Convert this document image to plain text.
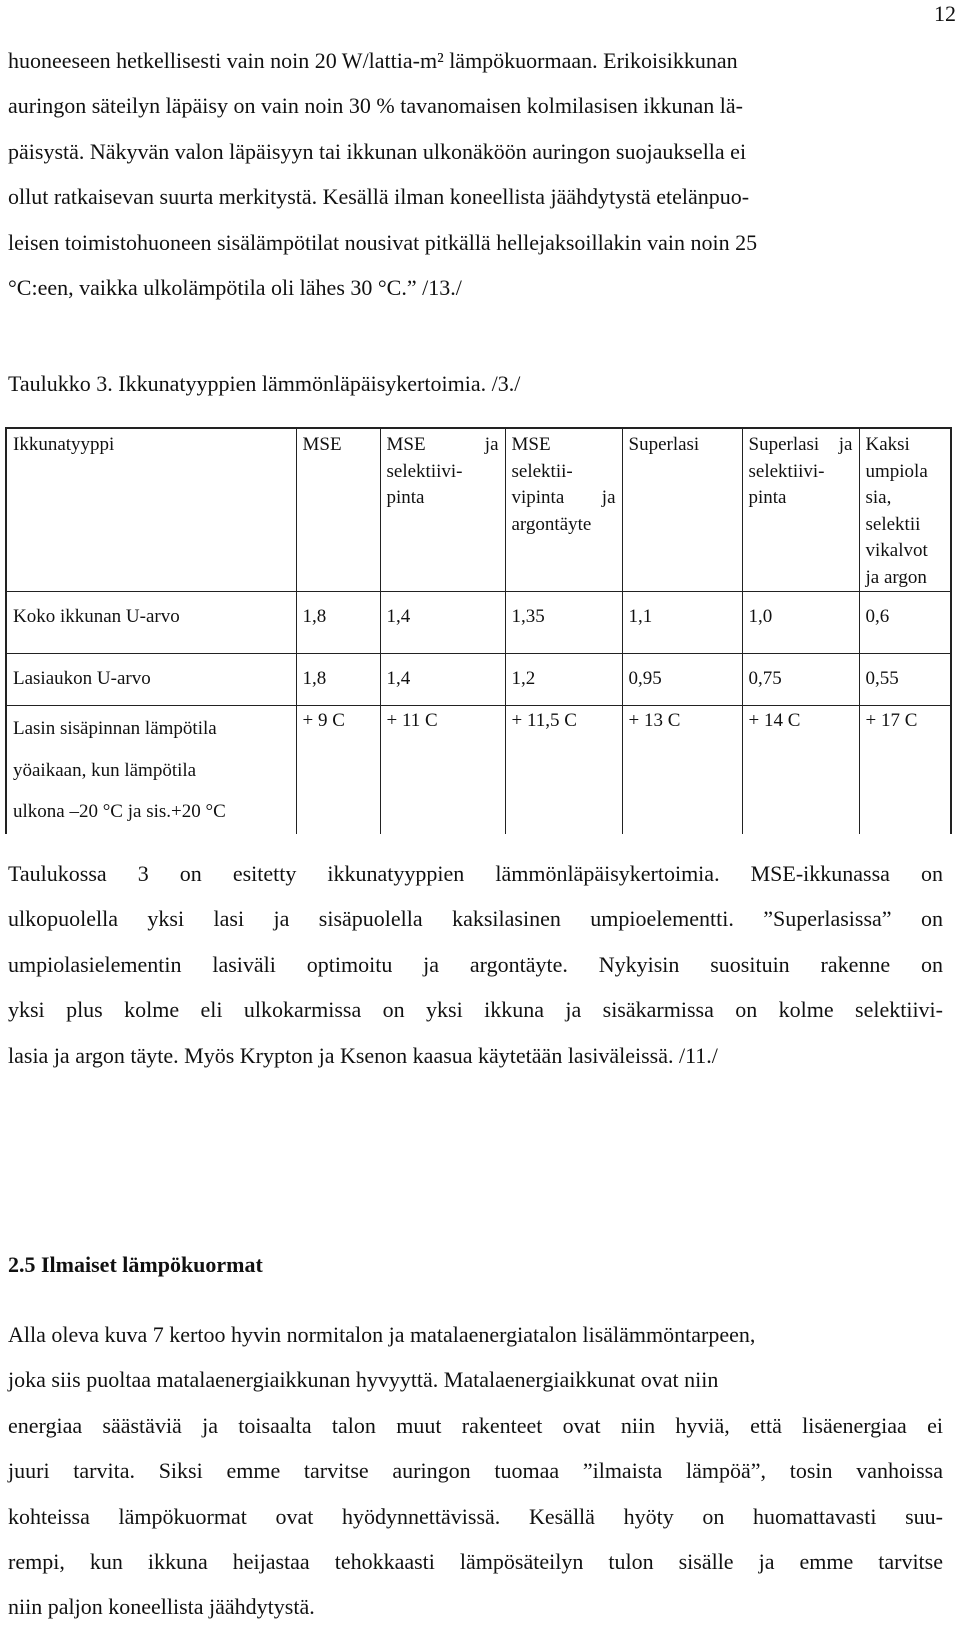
12

huoneeseen hetkellisesti vain noin 20 W/lattia-m² lämpökuormaan. Erikoisikkunan
auringon säteilyn läpäisy on vain noin 30 % tavanomaisen kolmilasisen ikkunan lä-
päisystä. Näkyvän valon läpäisyyn tai ikkunan ulkonäköön auringon suojauksella ei
ollut ratkaisevan suurta merkitystä. Kesällä ilman koneellista jäähdytystä etelänpuo-
leisen toimistohuoneen sisälämpötilat nousivat pitkällä hellejaksoillakin vain noin 25
°C:een, vaikka ulkolämpötila oli lähes 30 °C.” /13./

Taulukko 3. Ikkunatyyppien lämmönläpäisykertoimia. /3./

Ikkunatyyppi	MSE	MSE ja selektiivi-pinta	MSE selektii-vipinta ja argontäyte	Superlasi	Superlasi ja selektiivi-pinta	Kaksi umpiola sia, selektii vikalvot ja argon
Koko ikkunan U-arvo	1,8	1,4	1,35	1,1	1,0	0,6
Lasiaukon U-arvo	1,8	1,4	1,2	0,95	0,75	0,55

Lasin sisäpinnan lämpötila
yöaikaan, kun lämpötila
ulkona –20 °C ja sis.+20 °C	+ 9 C	+ 11 C	+ 11,5 C	+ 13 C	+ 14 C	+ 17 C

Taulukossa 3 on esitetty ikkunatyyppien lämmönläpäisykertoimia. MSE-ikkunassa on
ulkopuolella yksi lasi ja sisäpuolella kaksilasinen umpioelementti. ”Superlasissa” on
umpiolasielementin lasiväli optimoitu ja argontäyte. Nykyisin suosituin rakenne on
yksi plus kolme eli ulkokarmissa on yksi ikkuna ja sisäkarmissa on kolme selektiivi-
lasia ja argon täyte. Myös Krypton ja Ksenon kaasua käytetään lasiväleissä. /11./

2.5 Ilmaiset lämpökuormat

Alla oleva kuva 7 kertoo hyvin normitalon ja matalaenergiatalon lisälämmöntarpeen,
joka siis puoltaa matalaenergiaikkunan hyvyyttä. Matalaenergiaikkunat ovat niin
energiaa säästäviä ja toisaalta talon muut rakenteet ovat niin hyviä, että lisäenergiaa ei
juuri tarvita. Siksi emme tarvitse auringon tuomaa ”ilmaista lämpöä”, tosin vanhoissa
kohteissa lämpökuormat ovat hyödynnettävissä. Kesällä hyöty on huomattavasti suu-
rempi, kun ikkuna heijastaa tehokkaasti lämpösäteilyn tulon sisälle ja emme tarvitse
niin paljon koneellista jäähdytystä.
